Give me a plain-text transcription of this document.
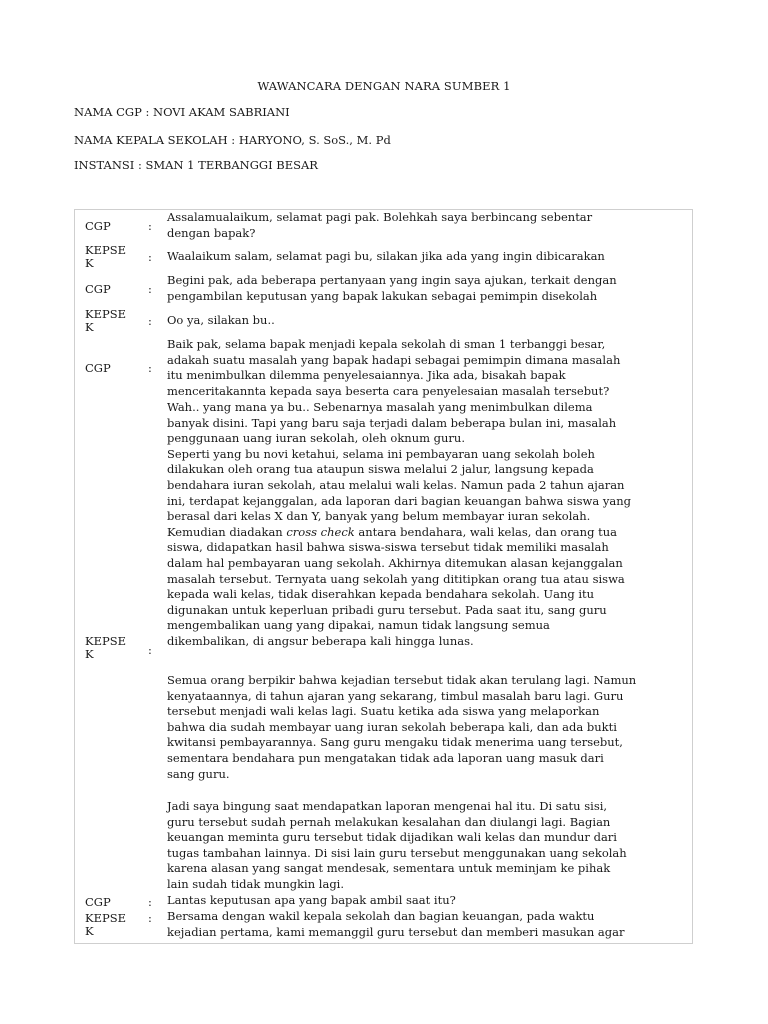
WAWANCARA DENGAN NARA SUMBER 1
NAMA CGP : NOVI AKAM SABRIANI
NAMA KEPALA SEKOLAH : HARYONO, S. SoS., M. Pd
INSTANSI : SMAN 1 TERBANGGI BESAR
CGP	:
Assalamualaikum, selamat pagi pak. Bolehkah saya berbincang sebentar
dengan bapak?
KEPSE
K	: Waalaikum salam, selamat pagi bu, silakan jika ada yang ingin dibicarakan
CGP	:
Begini pak, ada beberapa pertanyaan yang ingin saya ajukan, terkait dengan
pengambilan keputusan yang bapak lakukan sebagai pemimpin disekolah
KEPSE
K	: Oo ya, silakan bu..
CGP	:
Baik pak, selama bapak menjadi kepala sekolah di sman 1 terbanggi besar,
adakah suatu masalah yang bapak hadapi sebagai pemimpin dimana masalah
itu menimbulkan dilemma penyelesaiannya. Jika ada, bisakah bapak
menceritakannta kepada saya beserta cara penyelesaian masalah tersebut?
KEPSE
K	:
Wah.. yang mana ya bu.. Sebenarnya masalah yang menimbulkan dilema
banyak disini. Tapi yang baru saja terjadi dalam beberapa bulan ini, masalah
penggunaan uang iuran sekolah, oleh oknum guru.
Seperti yang bu novi ketahui, selama ini pembayaran uang sekolah boleh
dilakukan oleh orang tua ataupun siswa melalui 2 jalur, langsung kepada
bendahara iuran sekolah, atau melalui wali kelas. Namun pada 2 tahun ajaran
ini, terdapat kejanggalan, ada laporan dari bagian keuangan bahwa siswa yang
berasal dari kelas X dan Y, banyak yang belum membayar iuran sekolah.
Kemudian diadakan cross check antara bendahara, wali kelas, dan orang tua
siswa, didapatkan hasil bahwa siswa-siswa tersebut tidak memiliki masalah
dalam hal pembayaran uang sekolah. Akhirnya ditemukan alasan kejanggalan
masalah tersebut. Ternyata uang sekolah yang dititipkan orang tua atau siswa
kepada wali kelas, tidak diserahkan kepada bendahara sekolah. Uang itu
digunakan untuk keperluan pribadi guru tersebut. Pada saat itu, sang guru
mengembalikan uang yang dipakai, namun tidak langsung semua
dikembalikan, di angsur beberapa kali hingga lunas.
Semua orang berpikir bahwa kejadian tersebut tidak akan terulang lagi. Namun
kenyataannya, di tahun ajaran yang sekarang, timbul masalah baru lagi. Guru
tersebut menjadi wali kelas lagi. Suatu ketika ada siswa yang melaporkan
bahwa dia sudah membayar uang iuran sekolah beberapa kali, dan ada bukti
kwitansi pembayarannya. Sang guru mengaku tidak menerima uang tersebut,
sementara bendahara pun mengatakan tidak ada laporan uang masuk dari
sang guru.
Jadi saya bingung saat mendapatkan laporan mengenai hal itu. Di satu sisi,
guru tersebut sudah pernah melakukan kesalahan dan diulangi lagi. Bagian
keuangan meminta guru tersebut tidak dijadikan wali kelas dan mundur dari
tugas tambahan lainnya. Di sisi lain guru tersebut menggunakan uang sekolah
karena alasan yang sangat mendesak, sementara untuk meminjam ke pihak
lain sudah tidak mungkin lagi.
CGP	: Lantas keputusan apa yang bapak ambil saat itu?
KEPSE
K
: Bersama dengan wakil kepala sekolah dan bagian keuangan, pada waktu
kejadian pertama, kami memanggil guru tersebut dan memberi masukan agar
